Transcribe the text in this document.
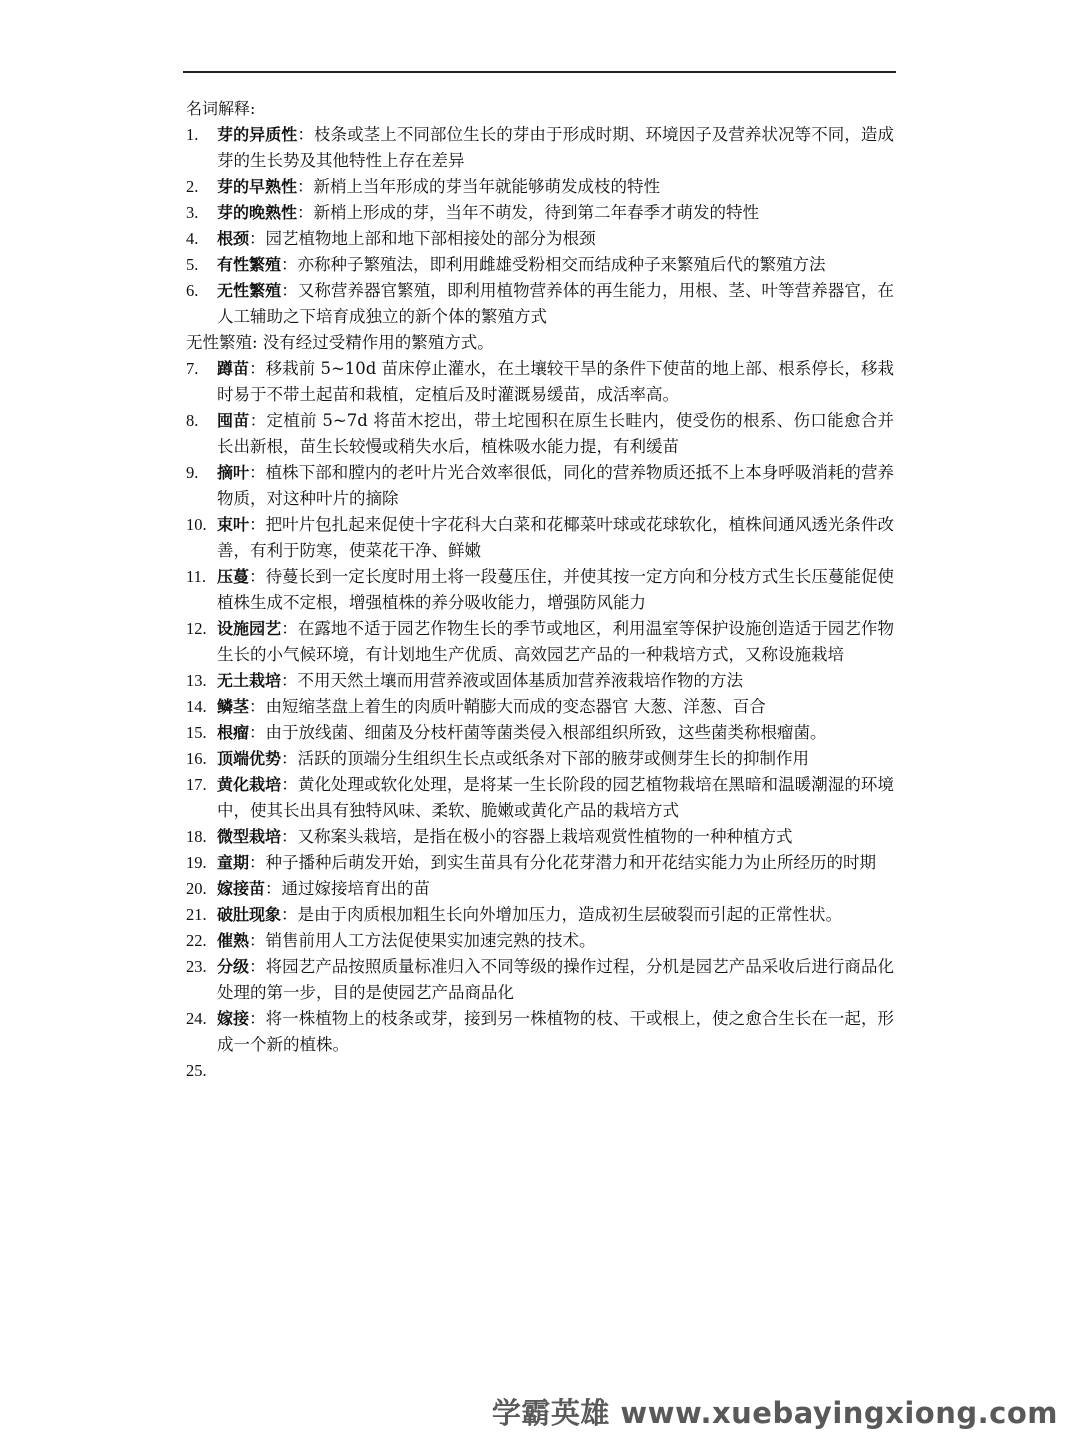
名词解释:
1.	芽的异质性：枝条或茎上不同部位生长的芽由于形成时期、环境因子及营养状况等不同，造成芽的生长势及其他特性上存在差异
2.	芽的早熟性：新梢上当年形成的芽当年就能够萌发成枝的特性
3.	芽的晚熟性：新梢上形成的芽，当年不萌发，待到第二年春季才萌发的特性
4.	根颈：园艺植物地上部和地下部相接处的部分为根颈
5.	有性繁殖：亦称种子繁殖法，即利用雌雄受粉相交而结成种子来繁殖后代的繁殖方法
6.	无性繁殖：又称营养器官繁殖，即利用植物营养体的再生能力，用根、茎、叶等营养器官，在人工辅助之下培育成独立的新个体的繁殖方式
无性繁殖: 没有经过受精作用的繁殖方式。
7.	蹲苗：移栽前 5~10d 苗床停止灌水，在土壤较干旱的条件下使苗的地上部、根系停长，移栽时易于不带土起苗和栽植，定植后及时灌溉易缓苗，成活率高。
8.	囤苗：定植前 5~7d 将苗木挖出，带土坨囤积在原生长畦内，使受伤的根系、伤口能愈合并长出新根，苗生长较慢或稍失水后，植株吸水能力提，有利缓苗
9.	摘叶：植株下部和膛内的老叶片光合效率很低，同化的营养物质还抵不上本身呼吸消耗的营养物质，对这种叶片的摘除
10. 束叶：把叶片包扎起来促使十字花科大白菜和花椰菜叶球或花球软化，植株间通风透光条件改善，有利于防寒，使菜花干净、鲜嫩
11. 压蔓：待蔓长到一定长度时用土将一段蔓压住，并使其按一定方向和分枝方式生长压蔓能促使植株生成不定根，增强植株的养分吸收能力，增强防风能力
12. 设施园艺：在露地不适于园艺作物生长的季节或地区，利用温室等保护设施创造适于园艺作物生长的小气候环境，有计划地生产优质、高效园艺产品的一种栽培方式，又称设施栽培
13. 无土栽培：不用天然土壤而用营养液或固体基质加营养液栽培作物的方法
14. 鳞茎：由短缩茎盘上着生的肉质叶鞘膨大而成的变态器官 大葱、洋葱、百合
15. 根瘤：由于放线菌、细菌及分枝杆菌等菌类侵入根部组织所致，这些菌类称根瘤菌。
16. 顶端优势：活跃的顶端分生组织生长点或纸条对下部的腋芽或侧芽生长的抑制作用
17. 黄化栽培：黄化处理或软化处理，是将某一生长阶段的园艺植物栽培在黑暗和温暖潮湿的环境中，使其长出具有独特风味、柔软、脆嫩或黄化产品的栽培方式
18. 微型栽培：又称案头栽培，是指在极小的容器上栽培观赏性植物的一种种植方式
19. 童期：种子播种后萌发开始，到实生苗具有分化花芽潜力和开花结实能力为止所经历的时期
20. 嫁接苗：通过嫁接培育出的苗
21. 破肚现象：是由于肉质根加粗生长向外增加压力，造成初生层破裂而引起的正常性状。
22. 催熟：销售前用人工方法促使果实加速完熟的技术。
23. 分级：将园艺产品按照质量标准归入不同等级的操作过程，分机是园艺产品采收后进行商品化处理的第一步，目的是使园艺产品商品化
24. 嫁接：将一株植物上的枝条或芽，接到另一株植物的枝、干或根上，使之愈合生长在一起，形成一个新的植株。
25.
学霸英雄 www.xuebayingxiong.com
